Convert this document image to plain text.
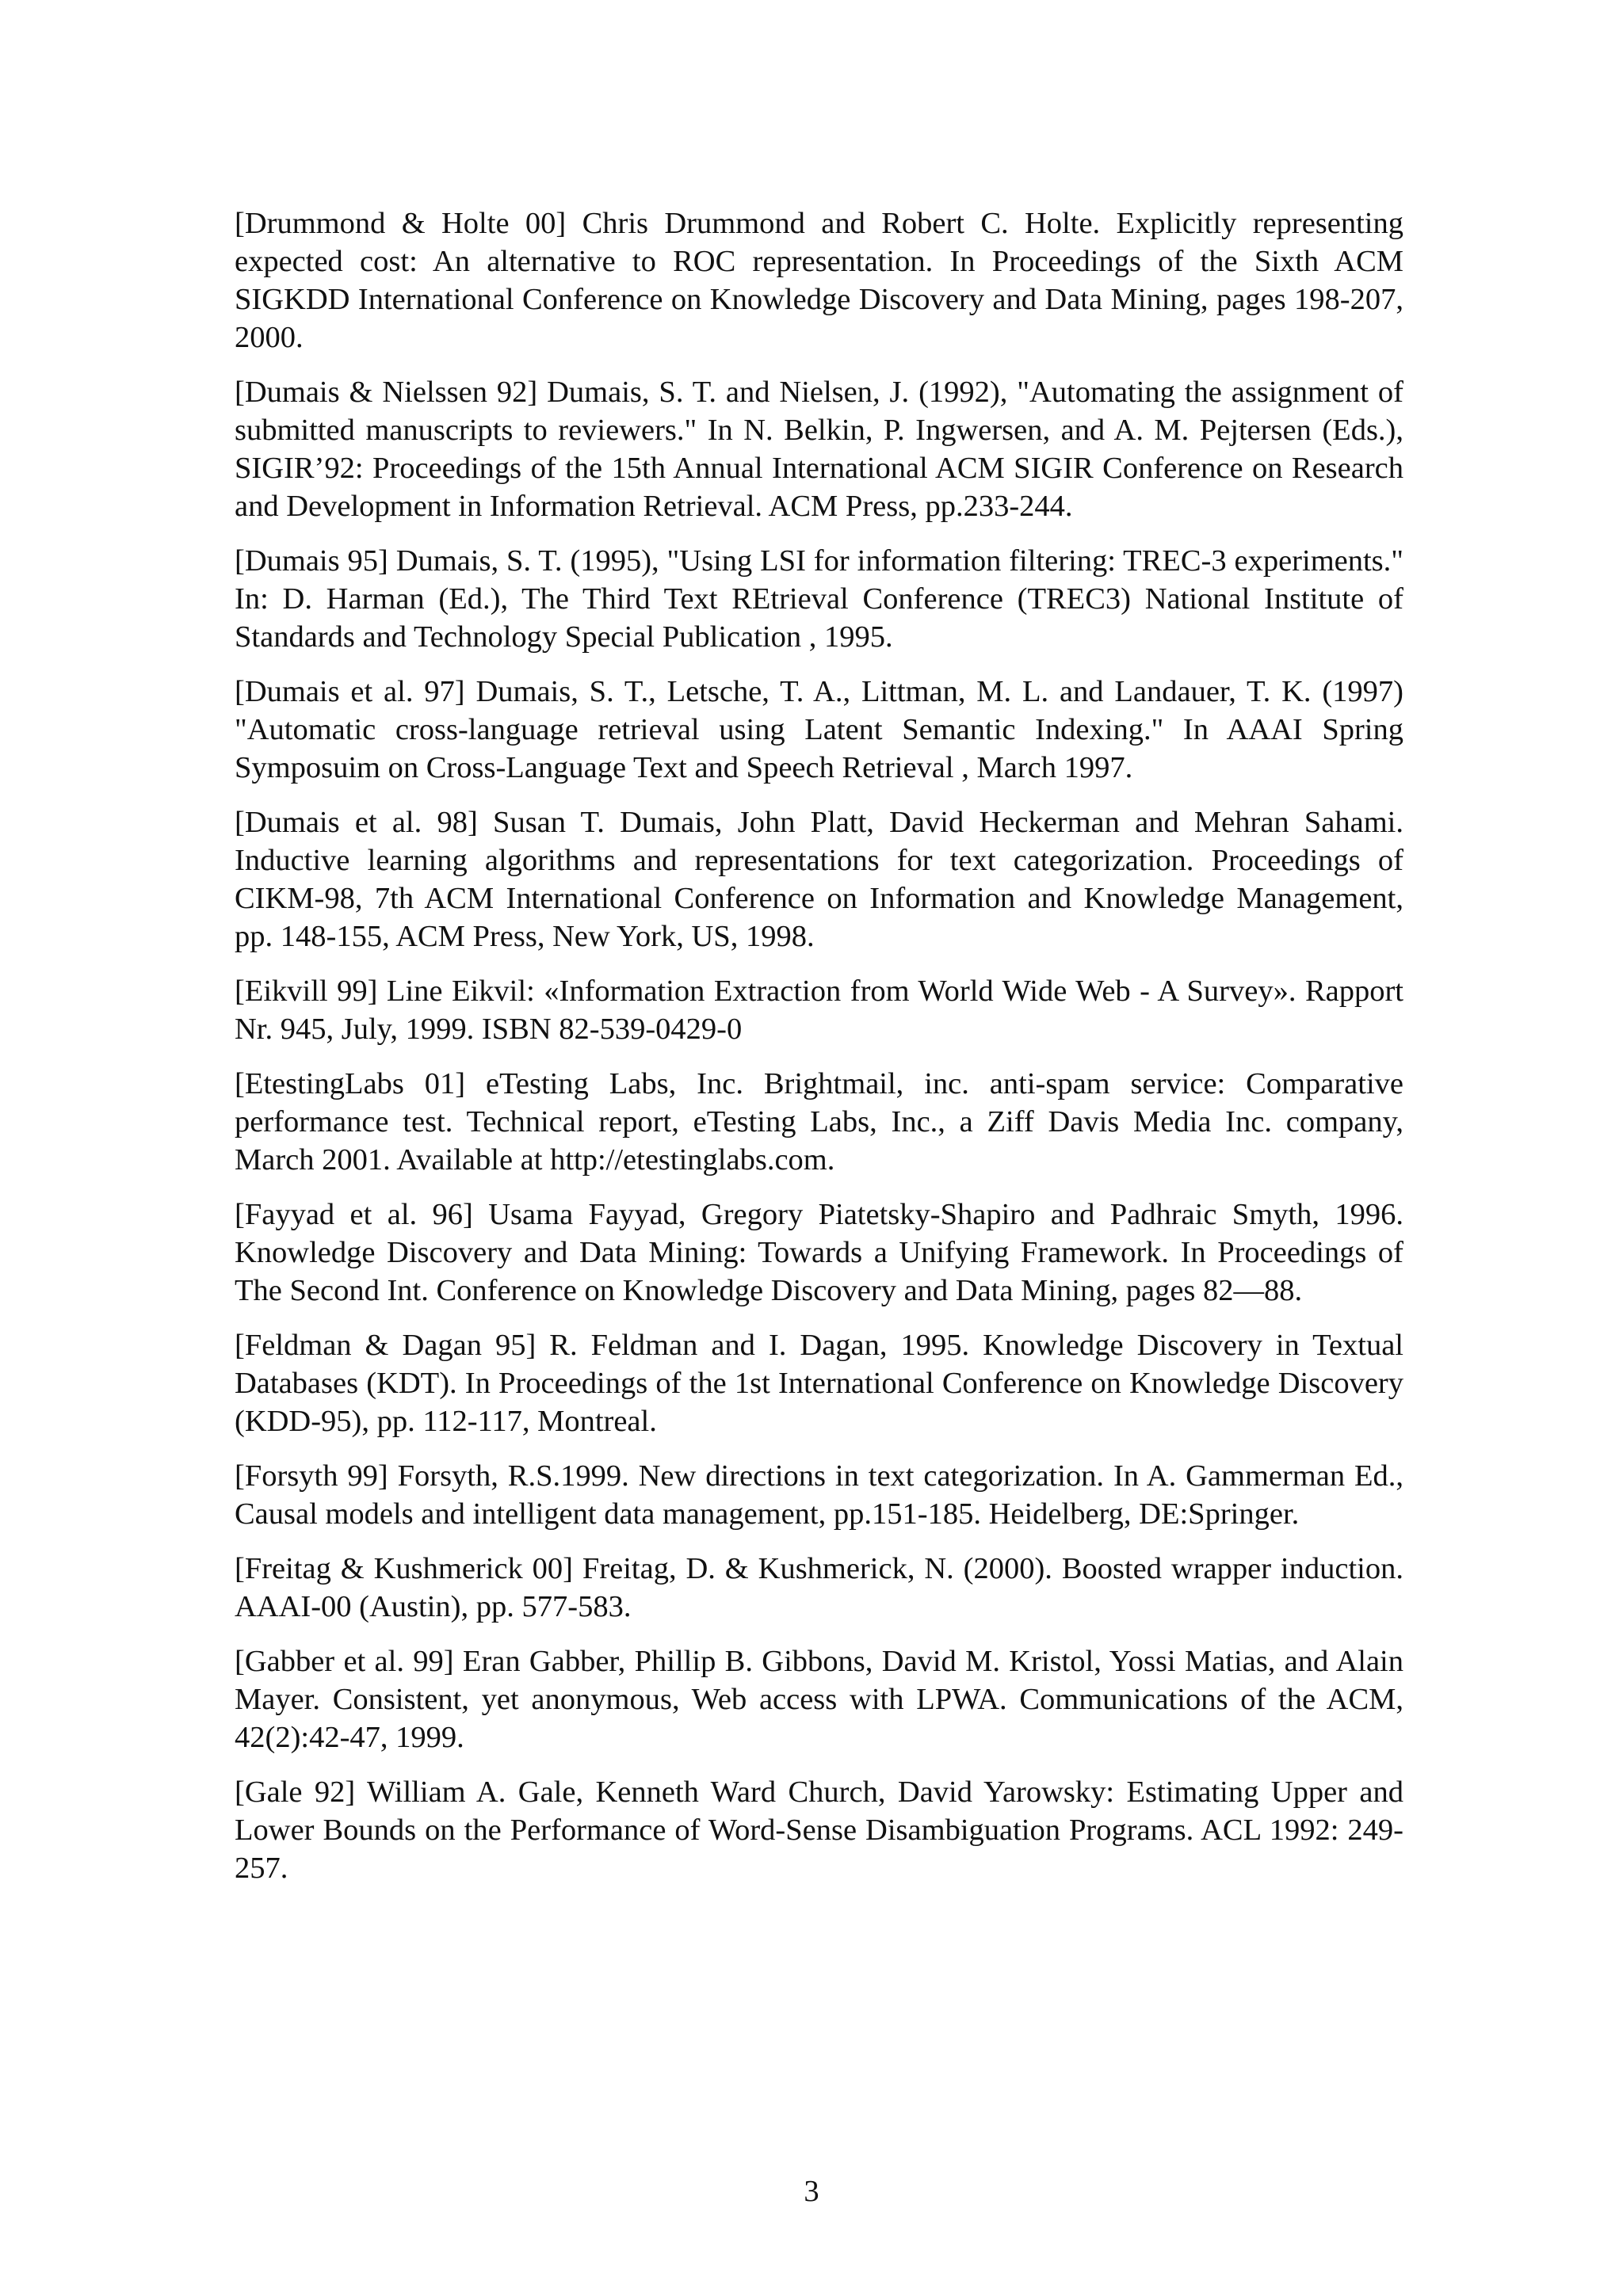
[Drummond & Holte 00] Chris Drummond and Robert C. Holte. Explicitly representing expected cost: An alternative to ROC representation. In Proceedings of the Sixth ACM SIGKDD International Conference on Knowledge Discovery and Data Mining, pages 198-207, 2000.

[Dumais & Nielssen 92] Dumais, S. T. and Nielsen, J. (1992), "Automating the assignment of submitted manuscripts to reviewers." In N. Belkin, P. Ingwersen, and A. M. Pejtersen (Eds.), SIGIR’92: Proceedings of the 15th Annual International ACM SIGIR Conference on Research and Development in Information Retrieval. ACM Press, pp.233-244.

[Dumais 95] Dumais, S. T. (1995), "Using LSI for information filtering: TREC-3 experiments." In: D. Harman (Ed.), The Third Text REtrieval Conference (TREC3) National Institute of Standards and Technology Special Publication , 1995.

[Dumais et al. 97] Dumais, S. T., Letsche, T. A., Littman, M. L. and Landauer, T. K. (1997) "Automatic cross-language retrieval using Latent Semantic Indexing." In AAAI Spring Symposuim on Cross-Language Text and Speech Retrieval , March 1997.

[Dumais et al. 98] Susan T. Dumais, John Platt, David Heckerman and Mehran Sahami. Inductive learning algorithms and representations for text categorization. Proceedings of CIKM-98, 7th ACM International Conference on Information and Knowledge Management, pp. 148-155, ACM Press, New York, US, 1998.

[Eikvill 99] Line Eikvil: «Information Extraction from World Wide Web - A Survey». Rapport Nr. 945, July, 1999. ISBN 82-539-0429-0

[EtestingLabs 01] eTesting Labs, Inc. Brightmail, inc. anti-spam service: Comparative performance test. Technical report, eTesting Labs, Inc., a Ziff Davis Media Inc. company, March 2001. Available at http://etestinglabs.com.

[Fayyad et al. 96] Usama Fayyad, Gregory Piatetsky-Shapiro and Padhraic Smyth, 1996. Knowledge Discovery and Data Mining: Towards a Unifying Framework. In Proceedings of The Second Int. Conference on Knowledge Discovery and Data Mining, pages 82—88.

[Feldman & Dagan 95] R. Feldman and I. Dagan, 1995. Knowledge Discovery in Textual Databases (KDT). In Proceedings of the 1st International Conference on Knowledge Discovery (KDD-95), pp. 112-117, Montreal.

[Forsyth 99] Forsyth, R.S.1999. New directions in text categorization. In A. Gammerman Ed., Causal models and intelligent data management, pp.151-185. Heidelberg, DE:Springer.

[Freitag & Kushmerick 00] Freitag, D. & Kushmerick, N. (2000). Boosted wrapper induction. AAAI-00 (Austin), pp. 577-583.

[Gabber et al. 99] Eran Gabber, Phillip B. Gibbons, David M. Kristol, Yossi Matias, and Alain Mayer. Consistent, yet anonymous, Web access with LPWA. Communications of the ACM, 42(2):42-47, 1999.

[Gale 92] William A. Gale, Kenneth Ward Church, David Yarowsky: Estimating Upper and Lower Bounds on the Performance of Word-Sense Disambiguation Programs. ACL 1992: 249-257.

3
